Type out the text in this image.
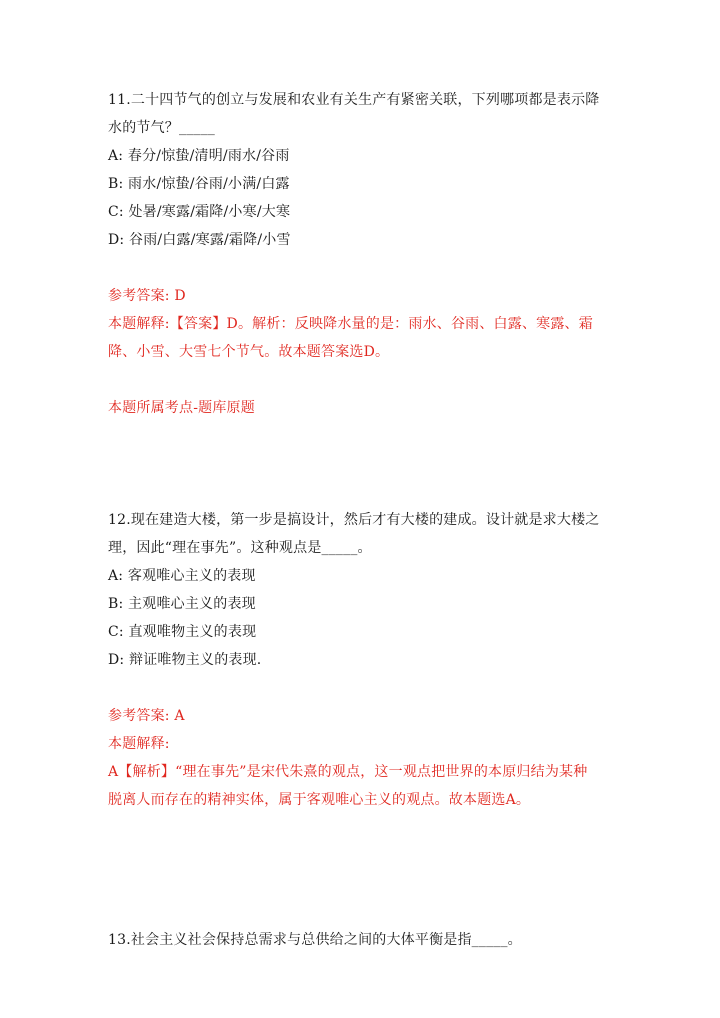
11.二十四节气的创立与发展和农业有关生产有紧密关联，下列哪项都是表示降
水的节气？_____
A: 春分/惊蛰/清明/雨水/谷雨
B: 雨水/惊蛰/谷雨/小满/白露
C: 处暑/寒露/霜降/小寒/大寒
D: 谷雨/白露/寒露/霜降/小雪
参考答案: D
本题解释:【答案】D。解析：反映降水量的是：雨水、谷雨、白露、寒露、霜
降、小雪、大雪七个节气。故本题答案选D。
本题所属考点-题库原题
12.现在建造大楼，第一步是搞设计，然后才有大楼的建成。设计就是求大楼之
理，因此“理在事先”。这种观点是_____。
A: 客观唯心主义的表现
B: 主观唯心主义的表现
C: 直观唯物主义的表现
D: 辩证唯物主义的表现.
参考答案: A
本题解释:
A【解析】“理在事先”是宋代朱熹的观点，这一观点把世界的本原归结为某种
脱离人而存在的精神实体，属于客观唯心主义的观点。故本题选A。
13.社会主义社会保持总需求与总供给之间的大体平衡是指_____。
